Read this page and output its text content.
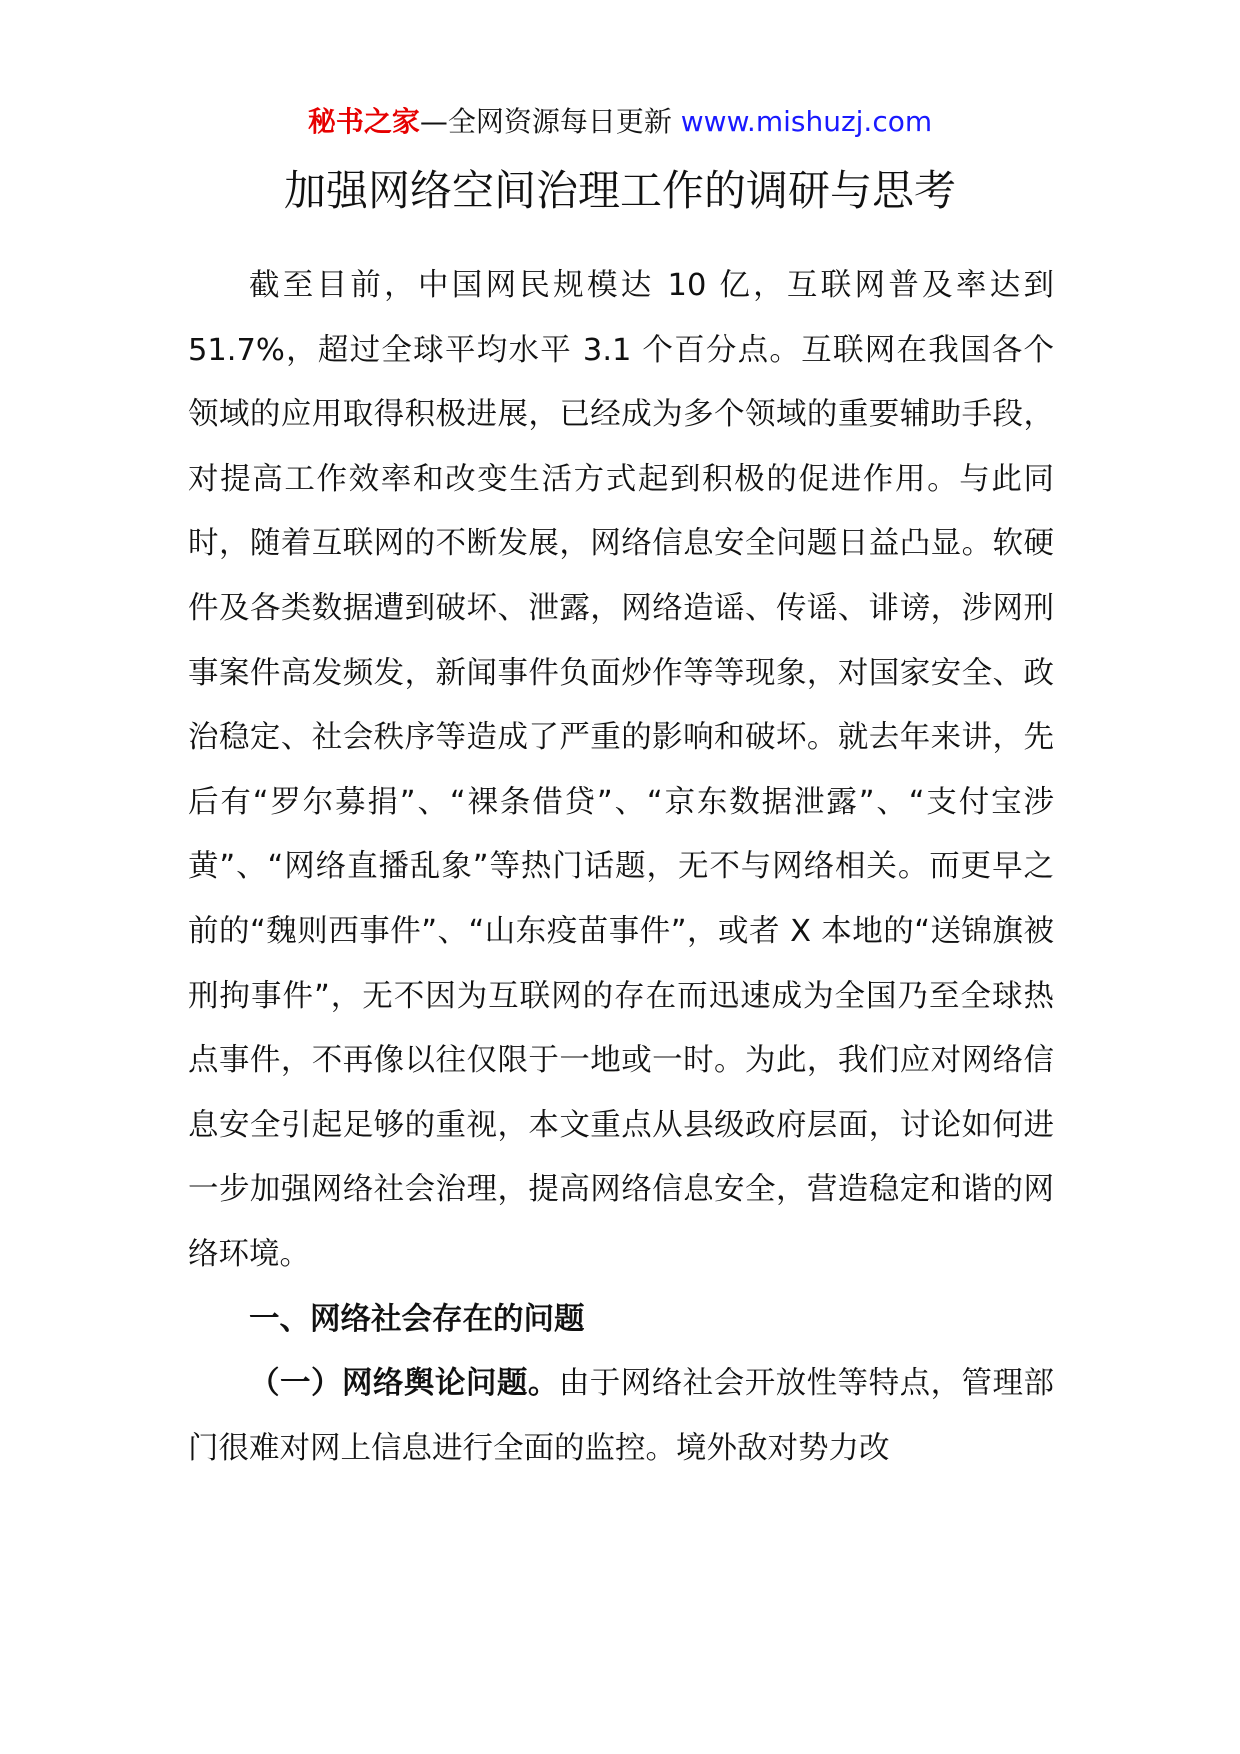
秘书之家—全网资源每日更新 www.mishuzj.com
加强网络空间治理工作的调研与思考

截至目前，中国网民规模达 10 亿，互联网普及率达到 51.7%，超过全球平均水平 3.1 个百分点。互联网在我国各个领域的应用取得积极进展，已经成为多个领域的重要辅助手段，对提高工作效率和改变生活方式起到积极的促进作用。与此同时，随着互联网的不断发展，网络信息安全问题日益凸显。软硬件及各类数据遭到破坏、泄露，网络造谣、传谣、诽谤，涉网刑事案件高发频发，新闻事件负面炒作等等现象，对国家安全、政治稳定、社会秩序等造成了严重的影响和破坏。就去年来讲，先后有“罗尔募捐”、“裸条借贷”、“京东数据泄露”、“支付宝涉黄”、“网络直播乱象”等热门话题，无不与网络相关。而更早之前的“魏则西事件”、“山东疫苗事件”，或者 X 本地的“送锦旗被刑拘事件”，无不因为互联网的存在而迅速成为全国乃至全球热点事件，不再像以往仅限于一地或一时。为此，我们应对网络信息安全引起足够的重视，本文重点从县级政府层面，讨论如何进一步加强网络社会治理，提高网络信息安全，营造稳定和谐的网络环境。

一、网络社会存在的问题

（一）网络舆论问题。由于网络社会开放性等特点，管理部门很难对网上信息进行全面的监控。境外敌对势力改
